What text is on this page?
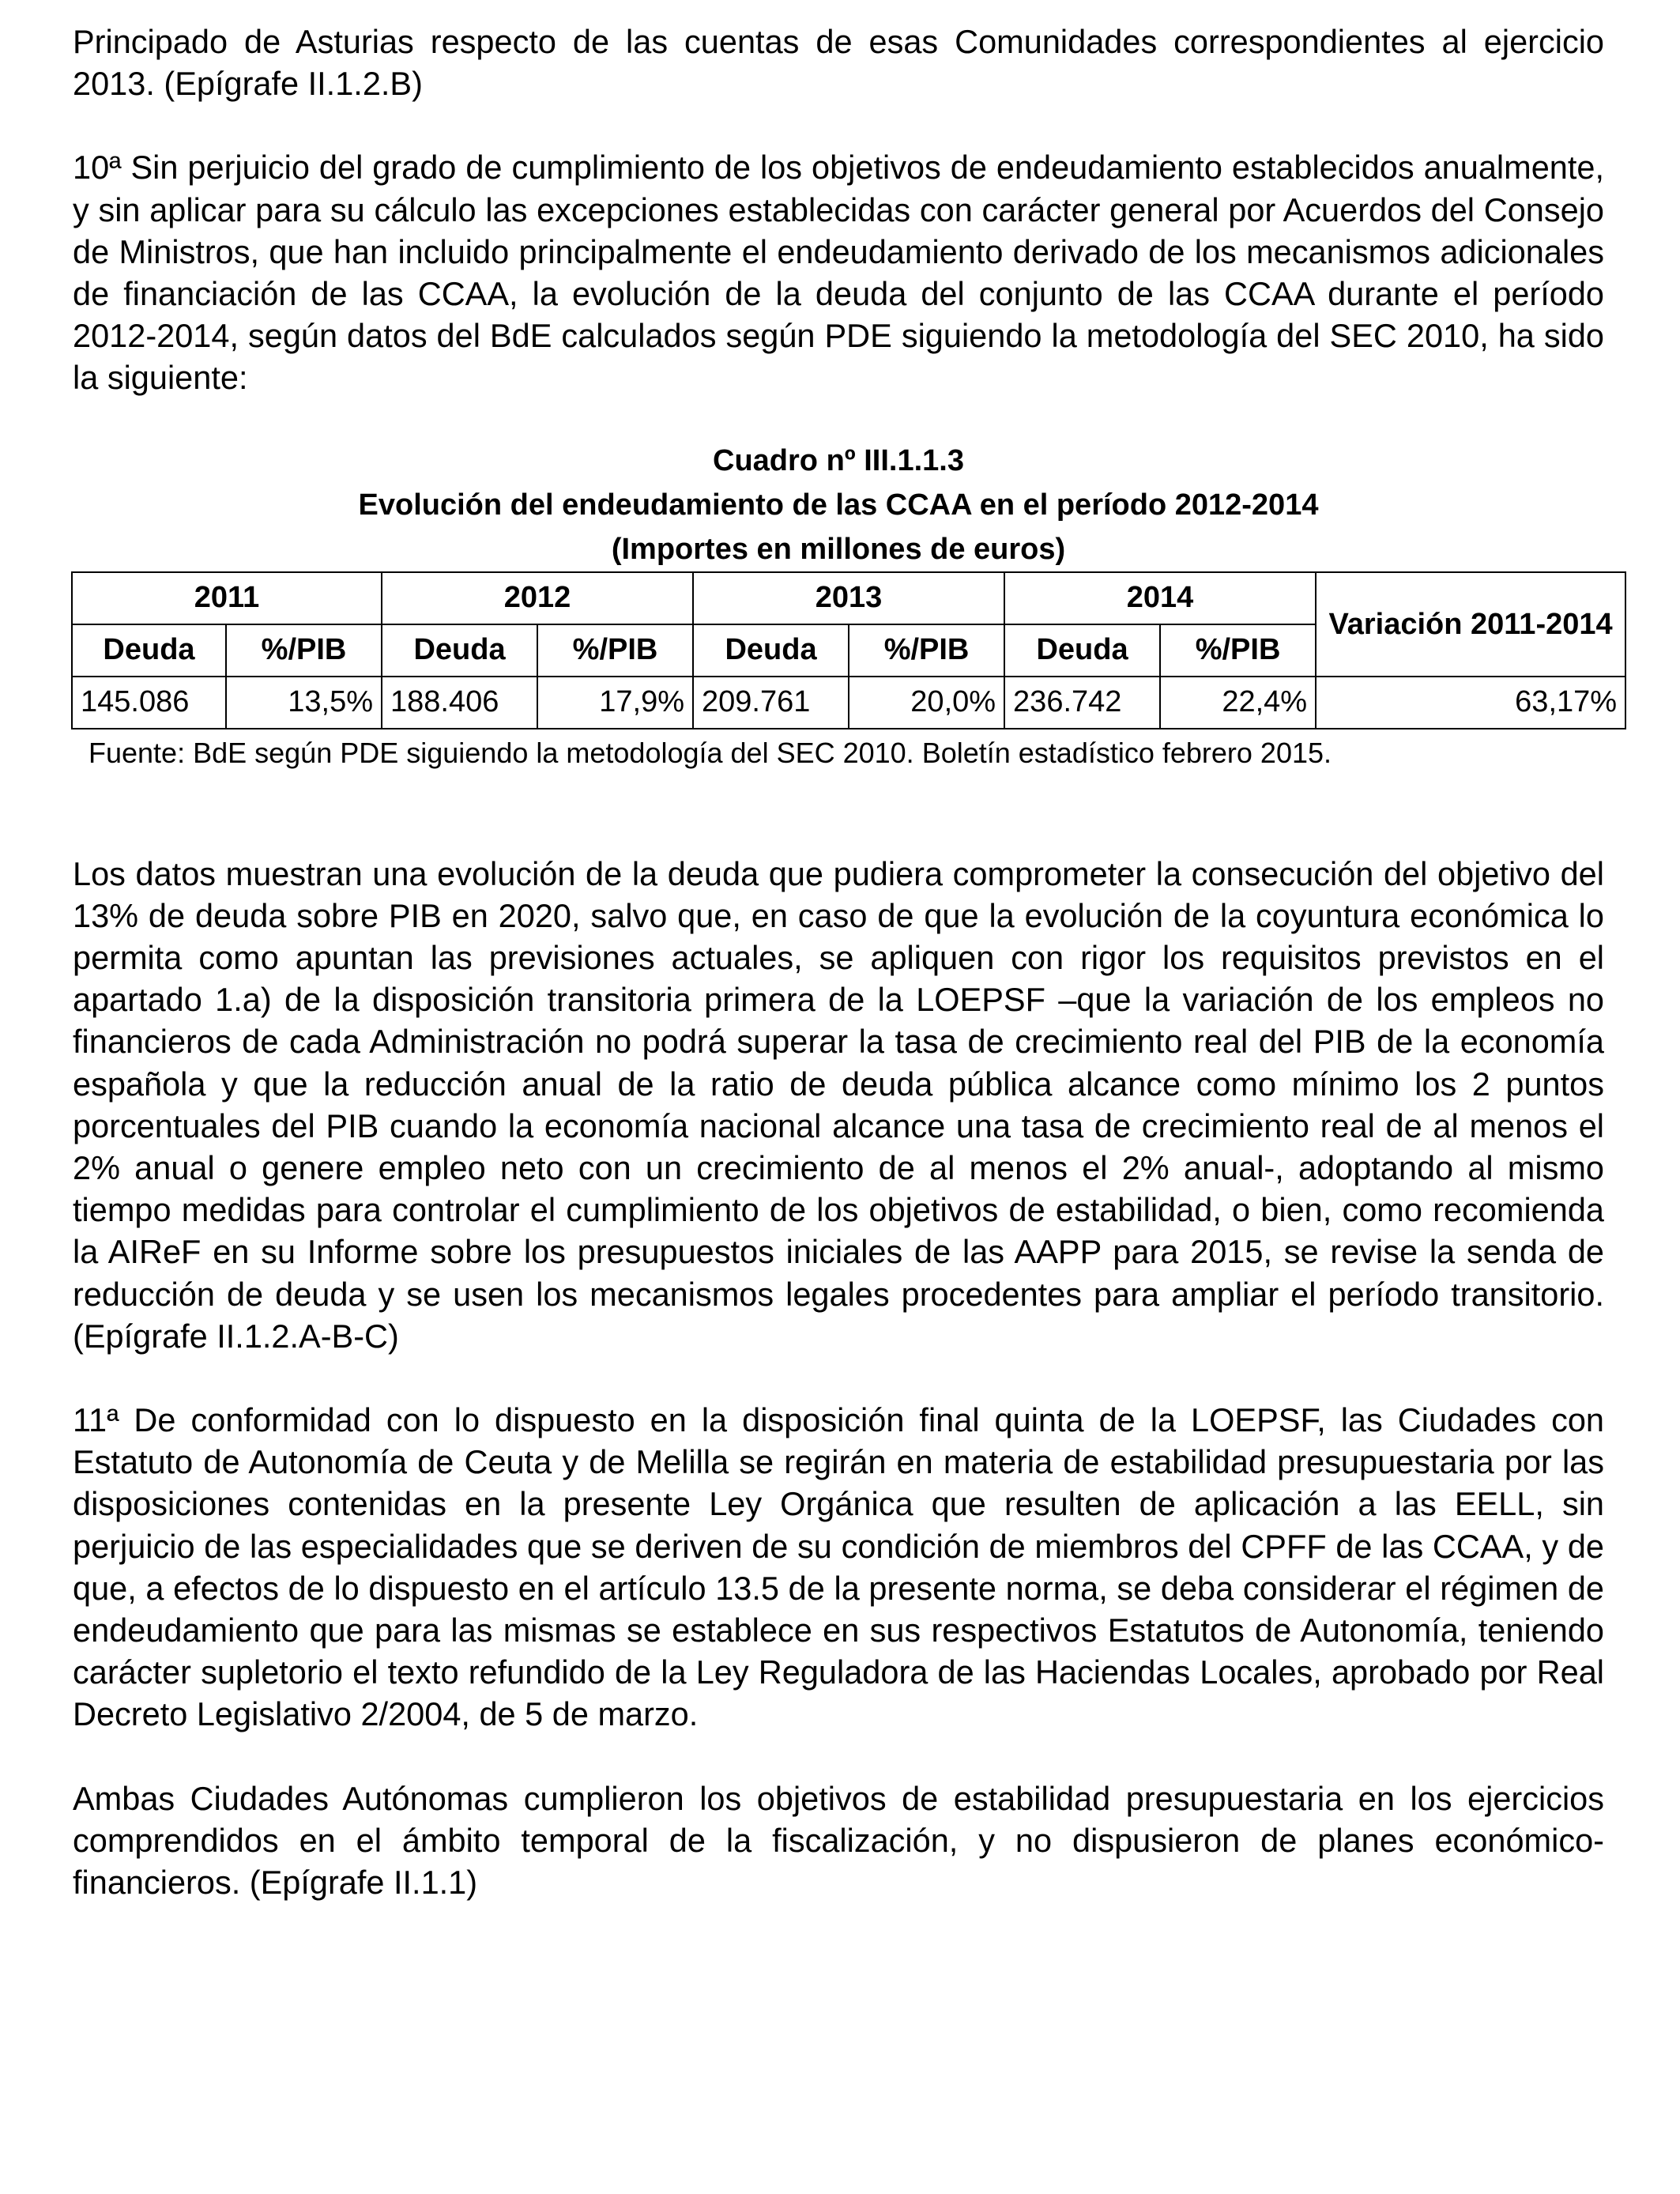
Principado de Asturias respecto de las cuentas de esas Comunidades correspondientes al ejercicio 2013. (Epígrafe II.1.2.B)

10ª Sin perjuicio del grado de cumplimiento de los objetivos de endeudamiento establecidos anualmente, y sin aplicar para su cálculo las excepciones establecidas con carácter general por Acuerdos del Consejo de Ministros, que han incluido principalmente el endeudamiento derivado de los mecanismos adicionales de financiación de las CCAA, la evolución de la deuda del conjunto de las CCAA durante el período 2012-2014, según datos del BdE calculados según PDE siguiendo la metodología del SEC 2010, ha sido la siguiente:

Cuadro nº III.1.1.3

Evolución del endeudamiento de las CCAA en el período 2012-2014

(Importes en millones de euros)

2011		2012		2013		2014		Variación 2011-2014
Deuda	%/PIB	Deuda	%/PIB	Deuda	%/PIB	Deuda	%/PIB	
145.086	13,5%	188.406	17,9%	209.761	20,0%	236.742	22,4%	63,17%

Fuente: BdE según PDE siguiendo la metodología del SEC 2010. Boletín estadístico febrero 2015.

Los datos muestran una evolución de la deuda que pudiera comprometer la consecución del objetivo del 13% de deuda sobre PIB en 2020, salvo que, en caso de que la evolución de la coyuntura económica lo permita como apuntan las previsiones actuales, se apliquen con rigor los requisitos previstos en el apartado 1.a) de la disposición transitoria primera de la LOEPSF –que la variación de los empleos no financieros de cada Administración no podrá superar la tasa de crecimiento real del PIB de la economía española y que la reducción anual de la ratio de deuda pública alcance como mínimo los 2 puntos porcentuales del PIB cuando la economía nacional alcance una tasa de crecimiento real de al menos el 2% anual o genere empleo neto con un crecimiento de al menos el 2% anual-, adoptando al mismo tiempo medidas para controlar el cumplimiento de los objetivos de estabilidad, o bien, como recomienda la AIReF en su Informe sobre los presupuestos iniciales de las AAPP para 2015, se revise la senda de reducción de deuda y se usen los mecanismos legales procedentes para ampliar el período transitorio. (Epígrafe II.1.2.A-B-C)

11ª De conformidad con lo dispuesto en la disposición final quinta de la LOEPSF, las Ciudades con Estatuto de Autonomía de Ceuta y de Melilla se regirán en materia de estabilidad presupuestaria por las disposiciones contenidas en la presente Ley Orgánica que resulten de aplicación a las EELL, sin perjuicio de las especialidades que se deriven de su condición de miembros del CPFF de las CCAA, y de que, a efectos de lo dispuesto en el artículo 13.5 de la presente norma, se deba considerar el régimen de endeudamiento que para las mismas se establece en sus respectivos Estatutos de Autonomía, teniendo carácter supletorio el texto refundido de la Ley Reguladora de las Haciendas Locales, aprobado por Real Decreto Legislativo 2/2004, de 5 de marzo.

Ambas Ciudades Autónomas cumplieron los objetivos de estabilidad presupuestaria en los ejercicios comprendidos en el ámbito temporal de la fiscalización, y no dispusieron de planes económico-financieros. (Epígrafe II.1.1)
